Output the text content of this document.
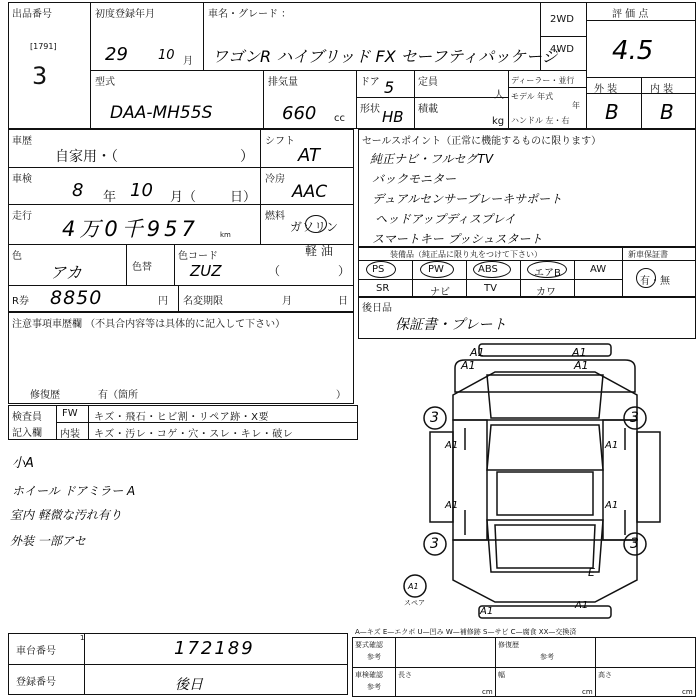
出品番号
[1791]
3
初度登録年月
29 10 月
車名・グレード ：
ワゴンR ハイブリッド FX セーフティパッケージ
2WD
4WD
評 価 点
4.5
型式
DAA-MH55S
排気量
660 cc
ドア 5
形状 HB
定員
人
積載
kg
ディーラー・並行
モデル 年式
年
ハンドル 左・右
外 装	内 装
B B
車歴
自家用・（	）
シフト
AT
車検
8 年 10 月（	日）
冷房
AAC
走行
4万0千957	km
燃料
ガソリン
軽 油
（	）
色
アカ	色替
色コード
ZUZ
R券 8850	円 名変期限	月	日
セールスポイント（正常に機能するものに限ります）
純正ナビ・フルセグTV
バックモニター
デュアルセンサーブレーキサポート
ヘッドアップディスプレイ
スマートキー プッシュスタート
装備品（純正品に限り丸をつけて下さい）	新車保証書
PS	PW	ABS	エアB	AW
SR	ナビ	TV	カワ
有・無
後日品
保証書・プレート
注意事項車歴欄 （不具合内容等は具体的に記入して下さい）
修復歴	有（箇所	）
検査員
記入欄
FW キズ・飛石・ヒビ割・リペア跡・X要
内装 キズ・汚レ・コゲ・穴・スレ・キレ・破レ
小A
ホイール ドアミラー A
室内 軽微な汚れ有り
外装 一部アセ
A1	A1
A1	A1
3	3
3	3
A1	A1
A1	A1
E
A1
A1
A1
スペア
車台番号
1	172189
登録番号	後日
A—キズ E—エクボ U—凹み W—補修跡 S—サビ C—腐食 XX—交換済
要式確認
参考
修復歴
参考
車検確認
参考
長さ	幅	高さ
cm	cm	cm
